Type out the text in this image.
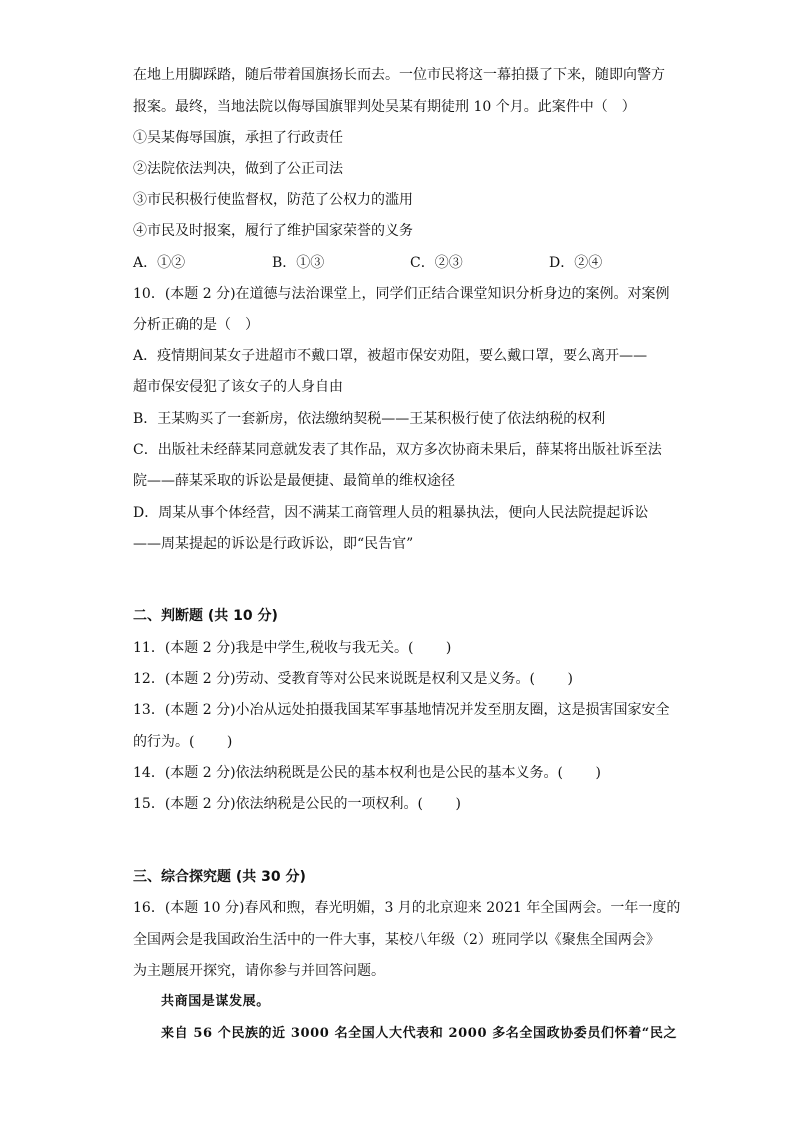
在地上用脚踩踏，随后带着国旗扬长而去。一位市民将这一幕拍摄了下来，随即向警方
报案。最终，当地法院以侮辱国旗罪判处吴某有期徒刑 10 个月。此案件中（　）
①吴某侮辱国旗，承担了行政责任
②法院依法判决，做到了公正司法
③市民积极行使监督权，防范了公权力的滥用
④市民及时报案，履行了维护国家荣誉的义务
A．①②	B．①③	C．②③	D．②④
10．(本题 2 分)在道德与法治课堂上，同学们正结合课堂知识分析身边的案例。对案例
分析正确的是（　）
A．疫情期间某女子进超市不戴口罩，被超市保安劝阻，要么戴口罩，要么离开——
超市保安侵犯了该女子的人身自由
B．王某购买了一套新房，依法缴纳契税——王某积极行使了依法纳税的权利
C．出版社未经薛某同意就发表了其作品，双方多次协商未果后，薛某将出版社诉至法
院——薛某采取的诉讼是最便捷、最简单的维权途径
D．周某从事个体经营，因不满某工商管理人员的粗暴执法，便向人民法院提起诉讼
——周某提起的诉讼是行政诉讼，即“民告官”
二、判断题 (共 10 分)
11．(本题 2 分)我是中学生,税收与我无关。(　　 )
12．(本题 2 分)劳动、受教育等对公民来说既是权利又是义务。(　　 )
13．(本题 2 分)小冶从远处拍摄我国某军事基地情况并发至朋友圈，这是损害国家安全
的行为。(　　 )
14．(本题 2 分)依法纳税既是公民的基本权利也是公民的基本义务。(　　 )
15．(本题 2 分)依法纳税是公民的一项权利。(　　 )
三、综合探究题 (共 30 分)
16．(本题 10 分)春风和煦，春光明媚，3 月的北京迎来 2021 年全国两会。一年一度的
全国两会是我国政治生活中的一件大事，某校八年级（2）班同学以《聚焦全国两会》
为主题展开探究，请你参与并回答问题。
共商国是谋发展。
来自 56 个民族的近 3000 名全国人大代表和 2000 多名全国政协委员们怀着“民之
